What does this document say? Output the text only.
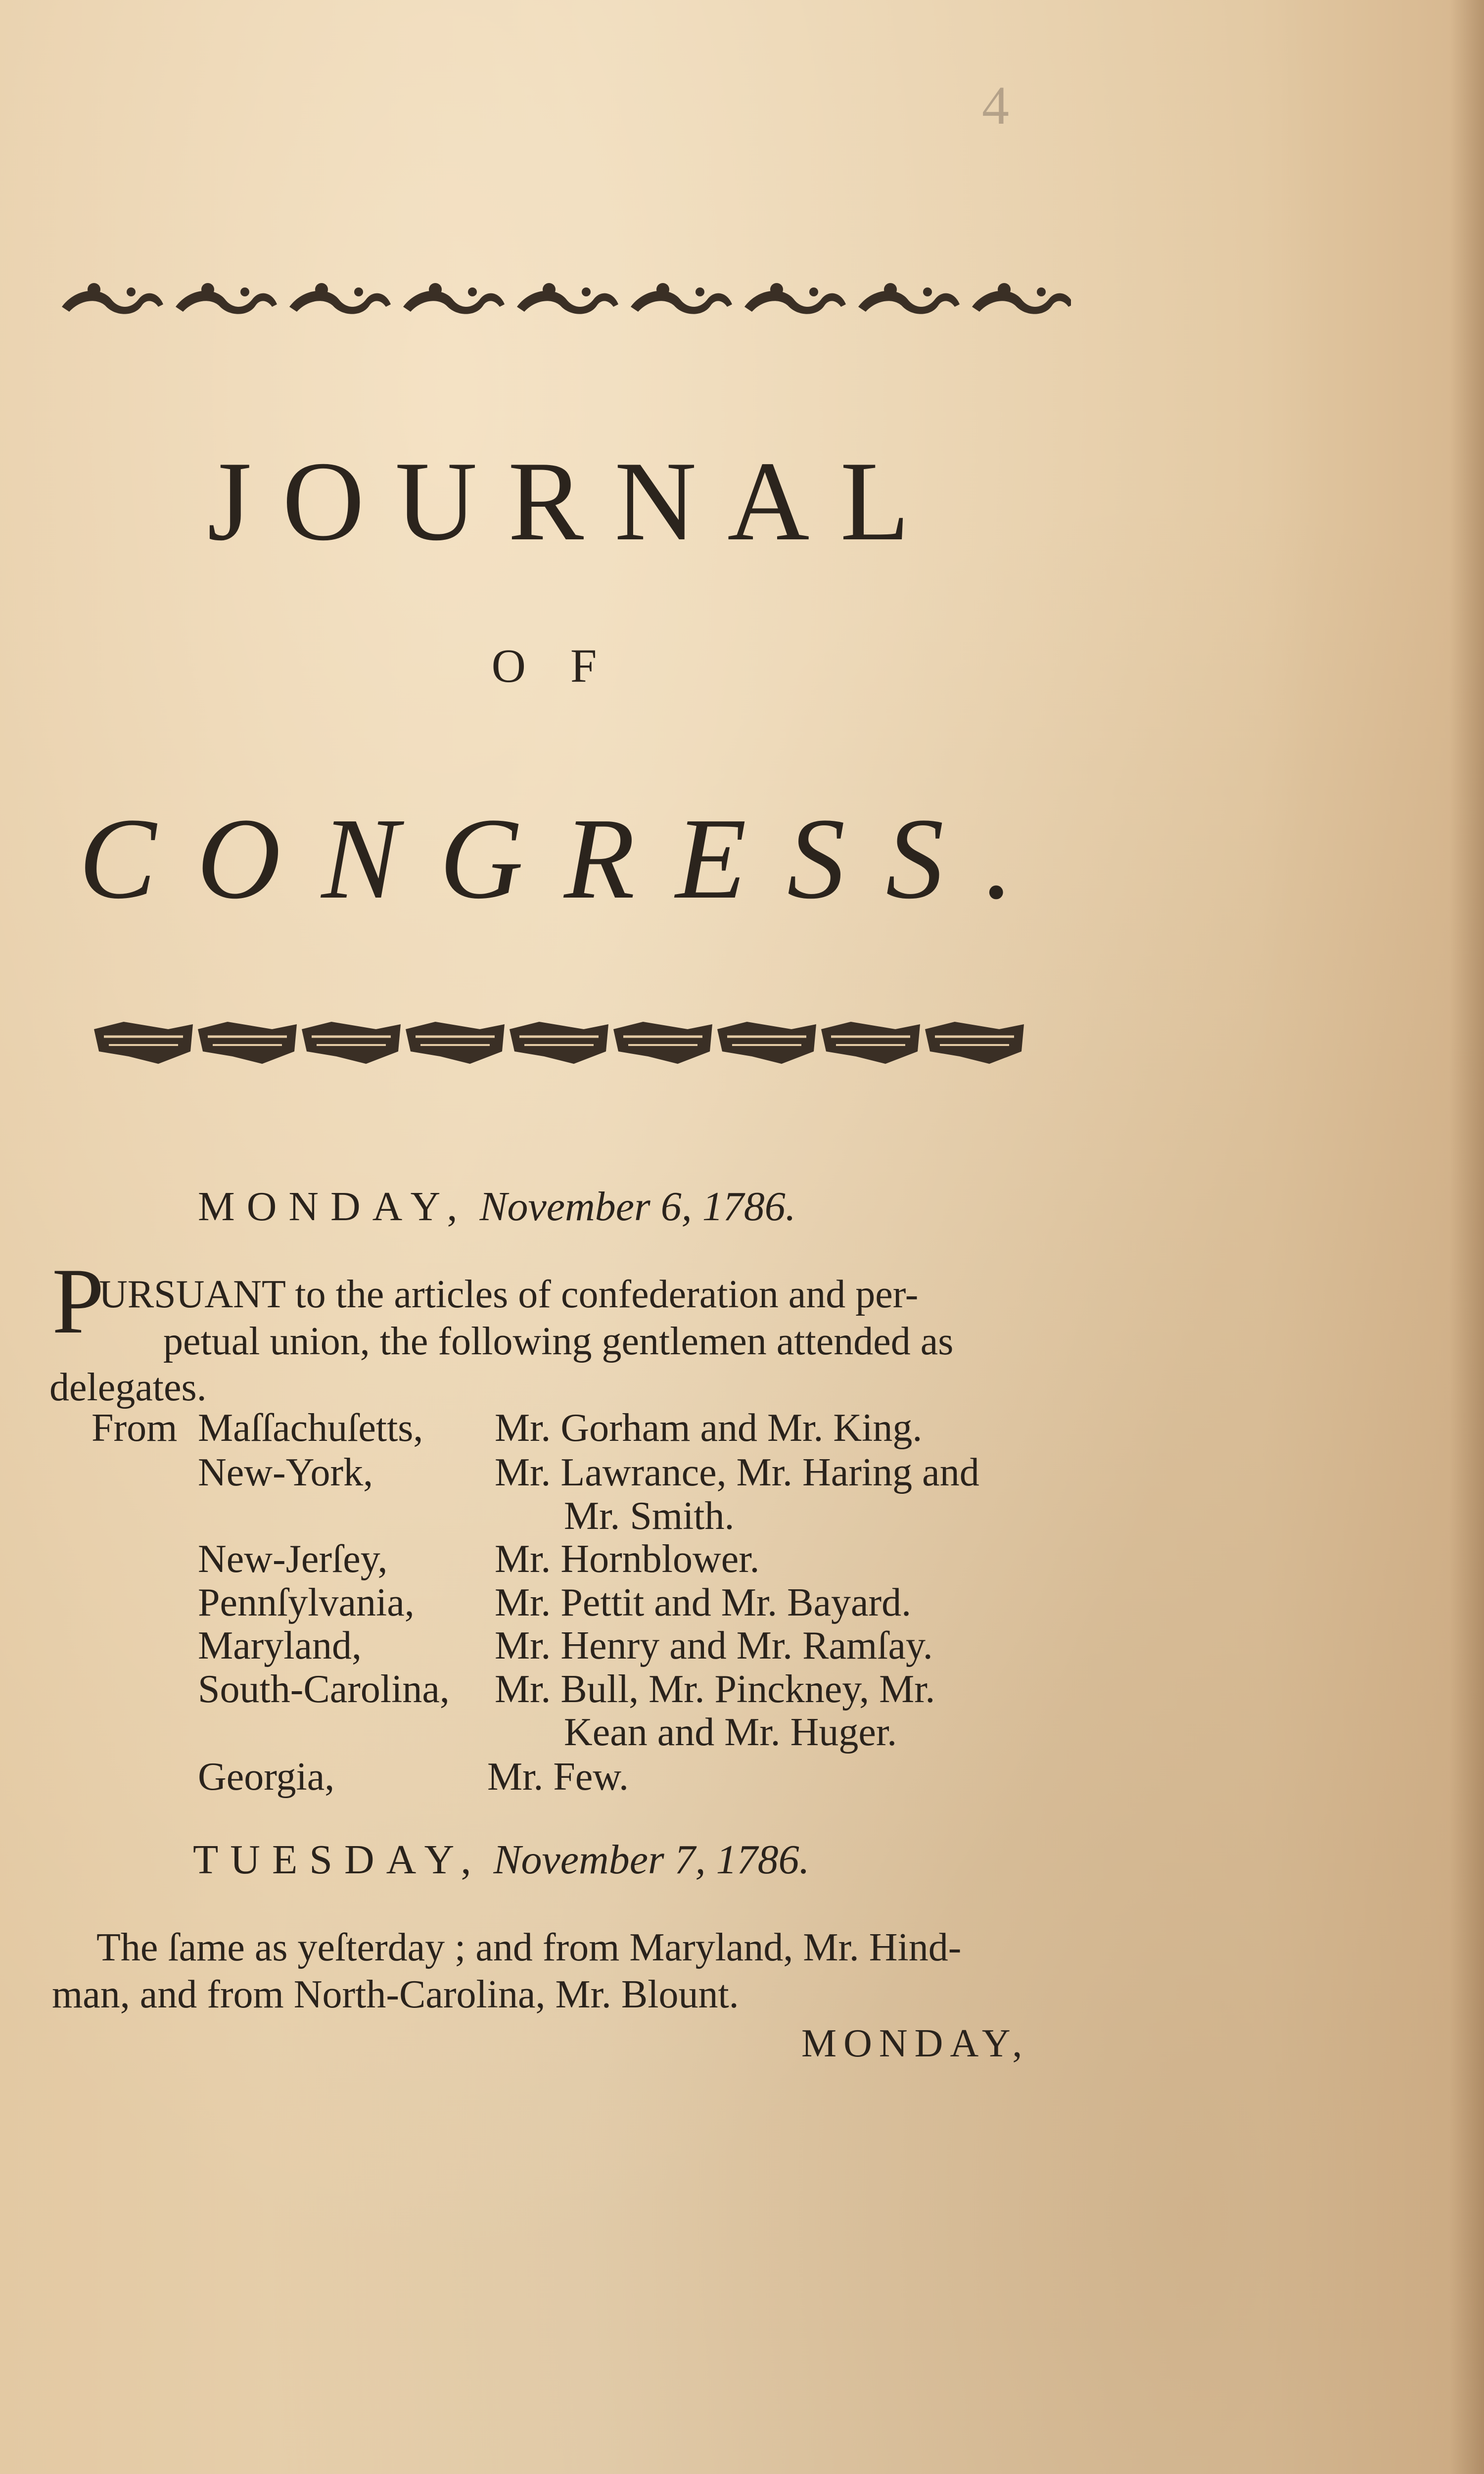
4
JOURNAL
OF
CONGRESS.
MONDAY, November 6, 1786.
P
URSUANT to the articles of confederation and per-
petual union, the following gentlemen attended as
delegates.
From Maſſachuſetts, Mr. Gorham and Mr. King.
New-York,	Mr. Lawrance, Mr. Haring and
Mr. Smith.
New-Jerſey,	Mr. Hornblower.
Pennſylvania, Mr. Pettit and Mr. Bayard.
Maryland,	Mr. Henry and Mr. Ramſay.
South-Carolina, Mr. Bull, Mr. Pinckney, Mr.
Kean and Mr. Huger.
Georgia,	Mr. Few.
TUESDAY, November 7, 1786.
The ſame as yeſterday ; and from Maryland, Mr. Hind-
man, and from North-Carolina, Mr. Blount.
MONDAY,
